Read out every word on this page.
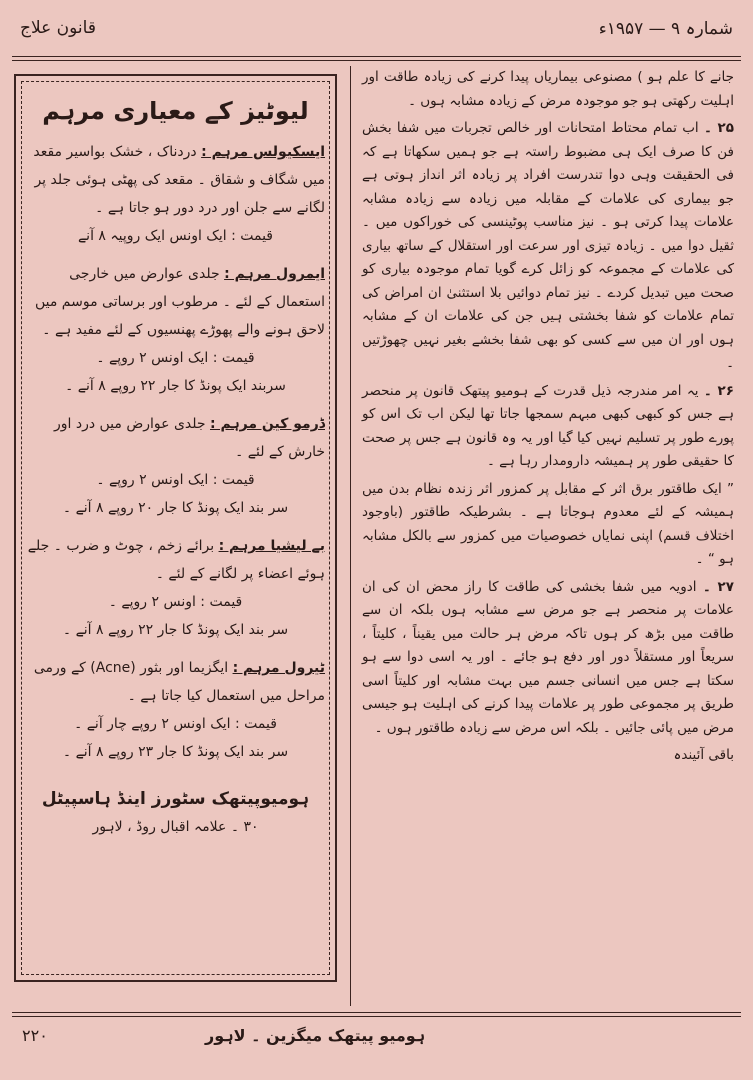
قانون علاج	شمارہ ۹ — ۱۹۵۷ء
لیوٹیز کے معیاری مرہم
ایسکیولس مرہم : دردناک ، خشک بواسیر مقعد میں شگاف و شقاق ۔ مقعد کی پھٹی ہوئی جلد پر لگانے سے جلن اور درد دور ہو جاتا ہے ۔
قیمت : ایک اونس ایک روپیہ ۸ آنے
ایمرول مرہم : جلدی عوارض میں خارجی استعمال کے لئے ۔ مرطوب اور برساتی موسم میں لاحق ہونے والے پھوڑے پھنسیوں کے لئے مفید ہے ۔
قیمت : ایک اونس ۲ روپے ۔
سربند ایک پونڈ کا جار ۲۲ روپے ۸ آنے ۔
ڈرمو کین مرہم : جلدی عوارض میں درد اور خارش کے لئے ۔
قیمت : ایک اونس ۲ روپے ۔
سر بند ایک پونڈ کا جار ۲۰ روپے ۸ آنے ۔
بے لیشیا مرہم : برائے زخم ، چوٹ و ضرب ۔ جلے ہوئے اعضاء پر لگانے کے لئے ۔
قیمت : اونس ۲ روپے ۔
سر بند ایک پونڈ کا جار ۲۲ روپے ۸ آنے ۔
ٹیرول مرہم : ایگزیما اور بثور (Acne) کے ورمی مراحل میں استعمال کیا جاتا ہے ۔
قیمت : ایک اونس ۲ روپے چار آنے ۔
سر بند ایک پونڈ کا جار ۲۳ روپے ۸ آنے ۔
ہومیوپیتھک سٹورز اینڈ ہاسپیٹل
۳۰ ۔ علامہ اقبال روڈ ، لاہور

جانے کا علم ہو ) مصنوعی بیماریاں پیدا کرنے کی زیادہ طاقت اور اہلیت رکھتی ہو جو موجودہ مرض کے زیادہ مشابہ ہوں ۔

۲۵ ۔ اب تمام محتاط امتحانات اور خالص تجربات میں شفا بخش فن کا صرف ایک ہی مضبوط راستہ ہے جو ہمیں سکھاتا ہے کہ فی الحقیقت وہی دوا تندرست افراد پر زیادہ اثر انداز ہوتی ہے جو بیماری کی علامات کے مقابلہ میں زیادہ سے زیادہ مشابہ علامات پیدا کرتی ہو ۔ نیز مناسب پوٹینسی کی خوراکوں میں ۔ ثقیل دوا میں ۔ زیادہ تیزی اور سرعت اور استقلال کے ساتھ بیاری کی علامات کے مجموعہ کو زائل کرے گویا تمام موجودہ بیاری کو صحت میں تبدیل کردے ۔ نیز تمام دوائیں بلا استثنیٰ ان امراض کی تمام علامات کو شفا بخشتی ہیں جن کی علامات ان کے مشابہ ہوں اور ان میں سے کسی کو بھی شفا بخشے بغیر نہیں چھوڑتیں ۔

۲۶ ۔ یہ امر مندرجہ ذیل قدرت کے ہومیو پیتھک قانون پر منحصر ہے جس کو کبھی کبھی مبہم سمجھا جاتا تھا لیکن اب تک اس کو پورے طور پر تسلیم نہیں کیا گیا اور یہ وہ قانون ہے جس پر صحت کا حقیقی طور پر ہمیشہ دارومدار رہا ہے ۔

” ایک طاقتور برق اثر کے مقابل پر کمزور اثر زندہ نظام بدن میں ہمیشہ کے لئے معدوم ہوجاتا ہے ۔ بشرطیکہ طاقتور (باوجود اختلاف قسم) اپنی نمایاں خصوصیات میں کمزور سے بالکل مشابہ ہو “ ۔

۲۷ ۔ ادویہ میں شفا بخشی کی طاقت کا راز محض ان کی ان علامات پر منحصر ہے جو مرض سے مشابہ ہوں بلکہ ان سے طاقت میں بڑھ کر ہوں تاکہ مرض ہر حالت میں یقیناً ، کلیتاً ، سریعاً اور مستقلاً دور اور دفع ہو جائے ۔ اور یہ اسی دوا سے ہو سکتا ہے جس میں انسانی جسم میں بہت مشابہ اور کلیتاً اسی طریق پر مجموعی طور پر علامات پیدا کرنے کی اہلیت ہو جیسی مرض میں پائی جائیں ۔ بلکہ اس مرض سے زیادہ طاقتور ہوں ۔

باقی آئیندہ

ہومیو پیتھک میگزین ۔ لاہور
۲۲۰
